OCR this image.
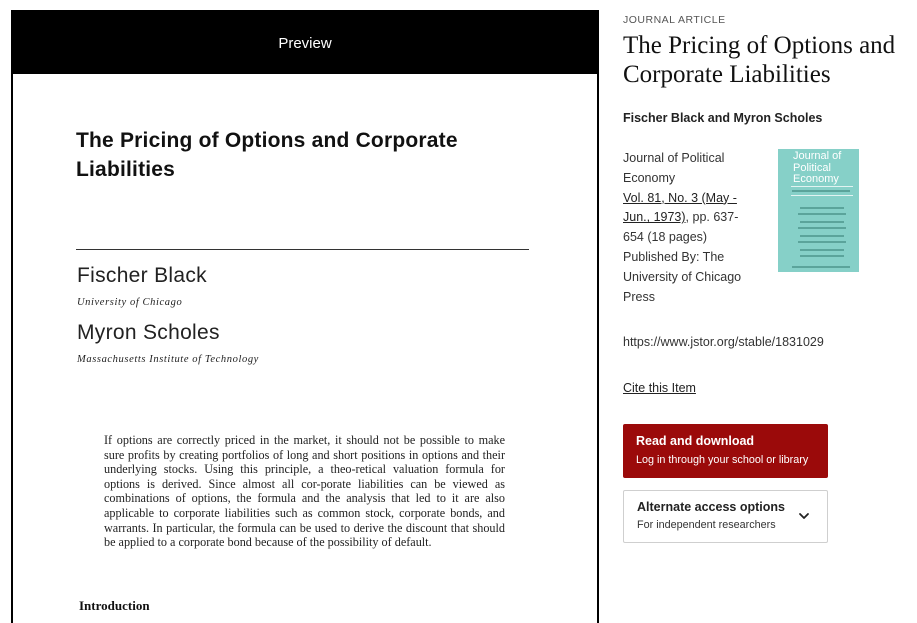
Preview
The Pricing of Options and Corporate Liabilities
Fischer Black
University of Chicago
Myron Scholes
Massachusetts Institute of Technology
If options are correctly priced in the market, it should not be possible to make sure profits by creating portfolios of long and short positions in options and their underlying stocks. Using this principle, a theo-retical valuation formula for options is derived. Since almost all cor-porate liabilities can be viewed as combinations of options, the formula and the analysis that led to it are also applicable to corporate liabilities such as common stock, corporate bonds, and warrants. In particular, the formula can be used to derive the discount that should be applied to a corporate bond because of the possibility of default.
Introduction
JOURNAL ARTICLE
The Pricing of Options and Corporate Liabilities
Fischer Black and Myron Scholes
Journal of Political Economy
Vol. 81, No. 3 (May - Jun., 1973), pp. 637-654 (18 pages)
Published By: The University of Chicago Press
Journal of Political Economy
https://www.jstor.org/stable/1831029
Cite this Item
Read and download
Log in through your school or library
Alternate access options
For independent researchers
